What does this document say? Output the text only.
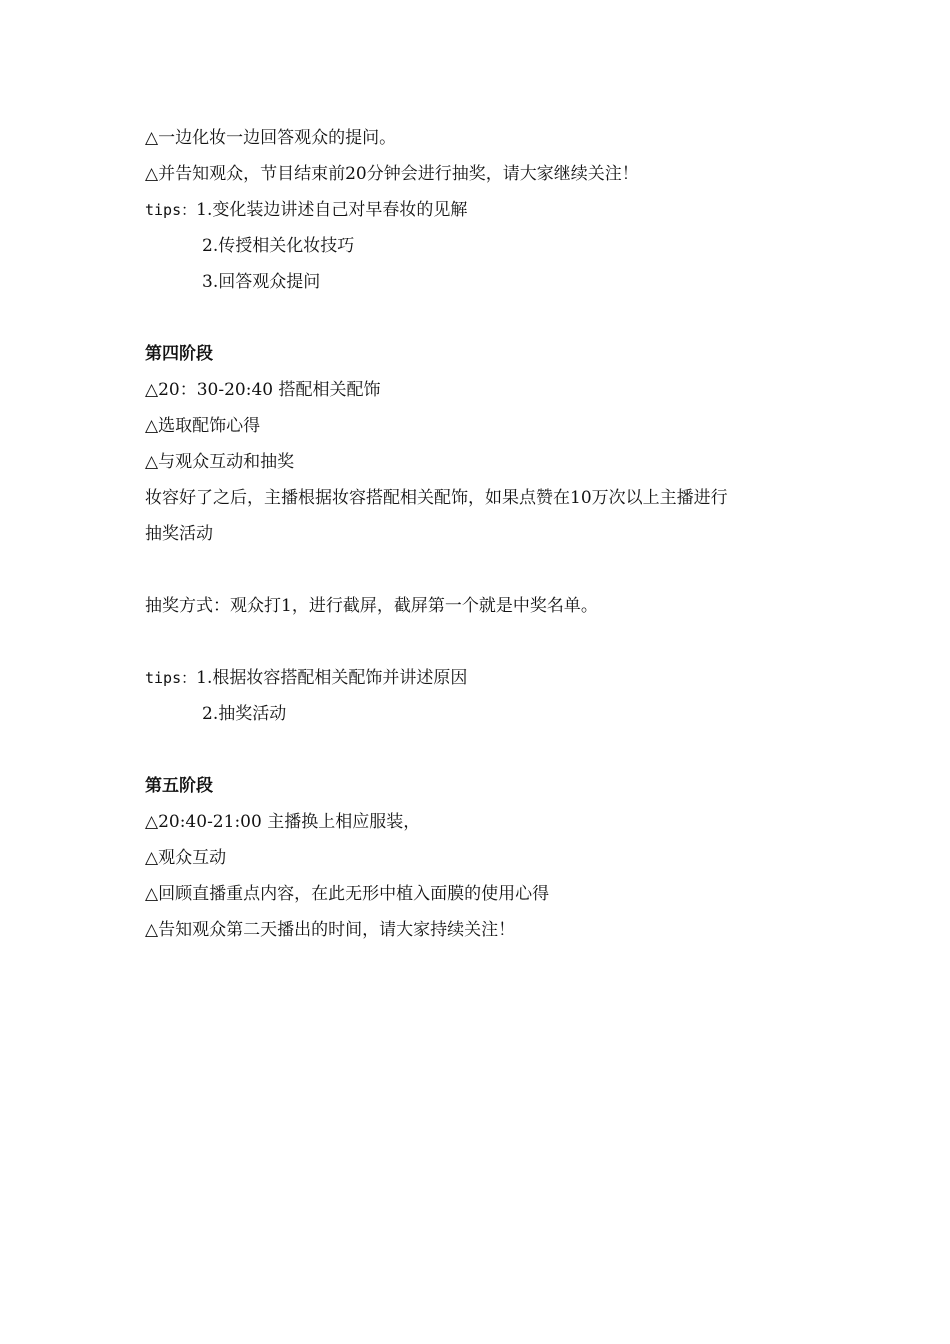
△一边化妆一边回答观众的提问。
△并告知观众，节目结束前20分钟会进行抽奖，请大家继续关注！
tips：1.变化装边讲述自己对早春妆的见解
2.传授相关化妆技巧
3.回答观众提问
第四阶段
△20：30-20:40 搭配相关配饰
△选取配饰心得
△与观众互动和抽奖
妆容好了之后，主播根据妆容搭配相关配饰，如果点赞在10万次以上主播进行
抽奖活动
抽奖方式：观众打1，进行截屏，截屏第一个就是中奖名单。
tips：1.根据妆容搭配相关配饰并讲述原因
2.抽奖活动
第五阶段
△20:40-21:00 主播换上相应服装，
△观众互动
△回顾直播重点内容，在此无形中植入面膜的使用心得
△告知观众第二天播出的时间，请大家持续关注！
